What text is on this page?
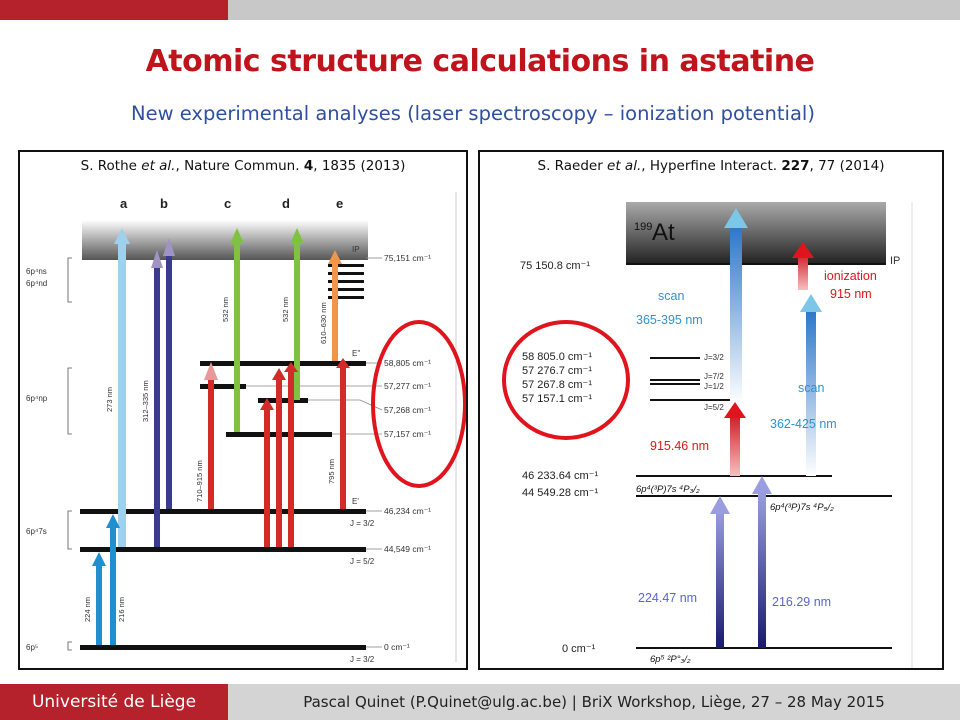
Atomic structure calculations in astatine
New experimental analyses (laser spectroscopy – ionization potential)
S. Rothe et al., Nature Commun. 4, 1835 (2013)
a	b	c	d	e
75,151 cm⁻¹
58,805 cm⁻¹
57,277 cm⁻¹
57,268 cm⁻¹
57,157 cm⁻¹
46,234 cm⁻¹
44,549 cm⁻¹
0 cm⁻¹
IP
E''
E'
J = 3/2
J = 5/2
J = 3/2
6p⁴ns
6p⁴nd
6p⁴np
6p⁴7s
6p⁵
273 nm	312–335 nm
532 nm	532 nm	610–630 nm
710–915 nm	795 nm
224 nm	216 nm
S. Raeder et al., Hyperfine Interact. 227, 77 (2014)
199 At
IP
75 150.8 cm⁻¹
58 805.0 cm⁻¹
57 276.7 cm⁻¹
57 267.8 cm⁻¹
57 157.1 cm⁻¹
46 233.64 cm⁻¹
44 549.28 cm⁻¹
0 cm⁻¹
J=3/2
J=7/2
J=1/2
J=5/2
scan
365-395 nm
ionization
915 nm
scan
362-425 nm
915.46 nm
224.47 nm	216.29 nm
6p⁴(³P)7s ⁴P₃/₂
6p⁴(³P)7s ⁴P₅/₂
6p⁵ ²P°₃/₂
Université de Liège	Pascal Quinet (P.Quinet@ulg.ac.be) | BriX Workshop, Liège, 27 – 28 May 2015
